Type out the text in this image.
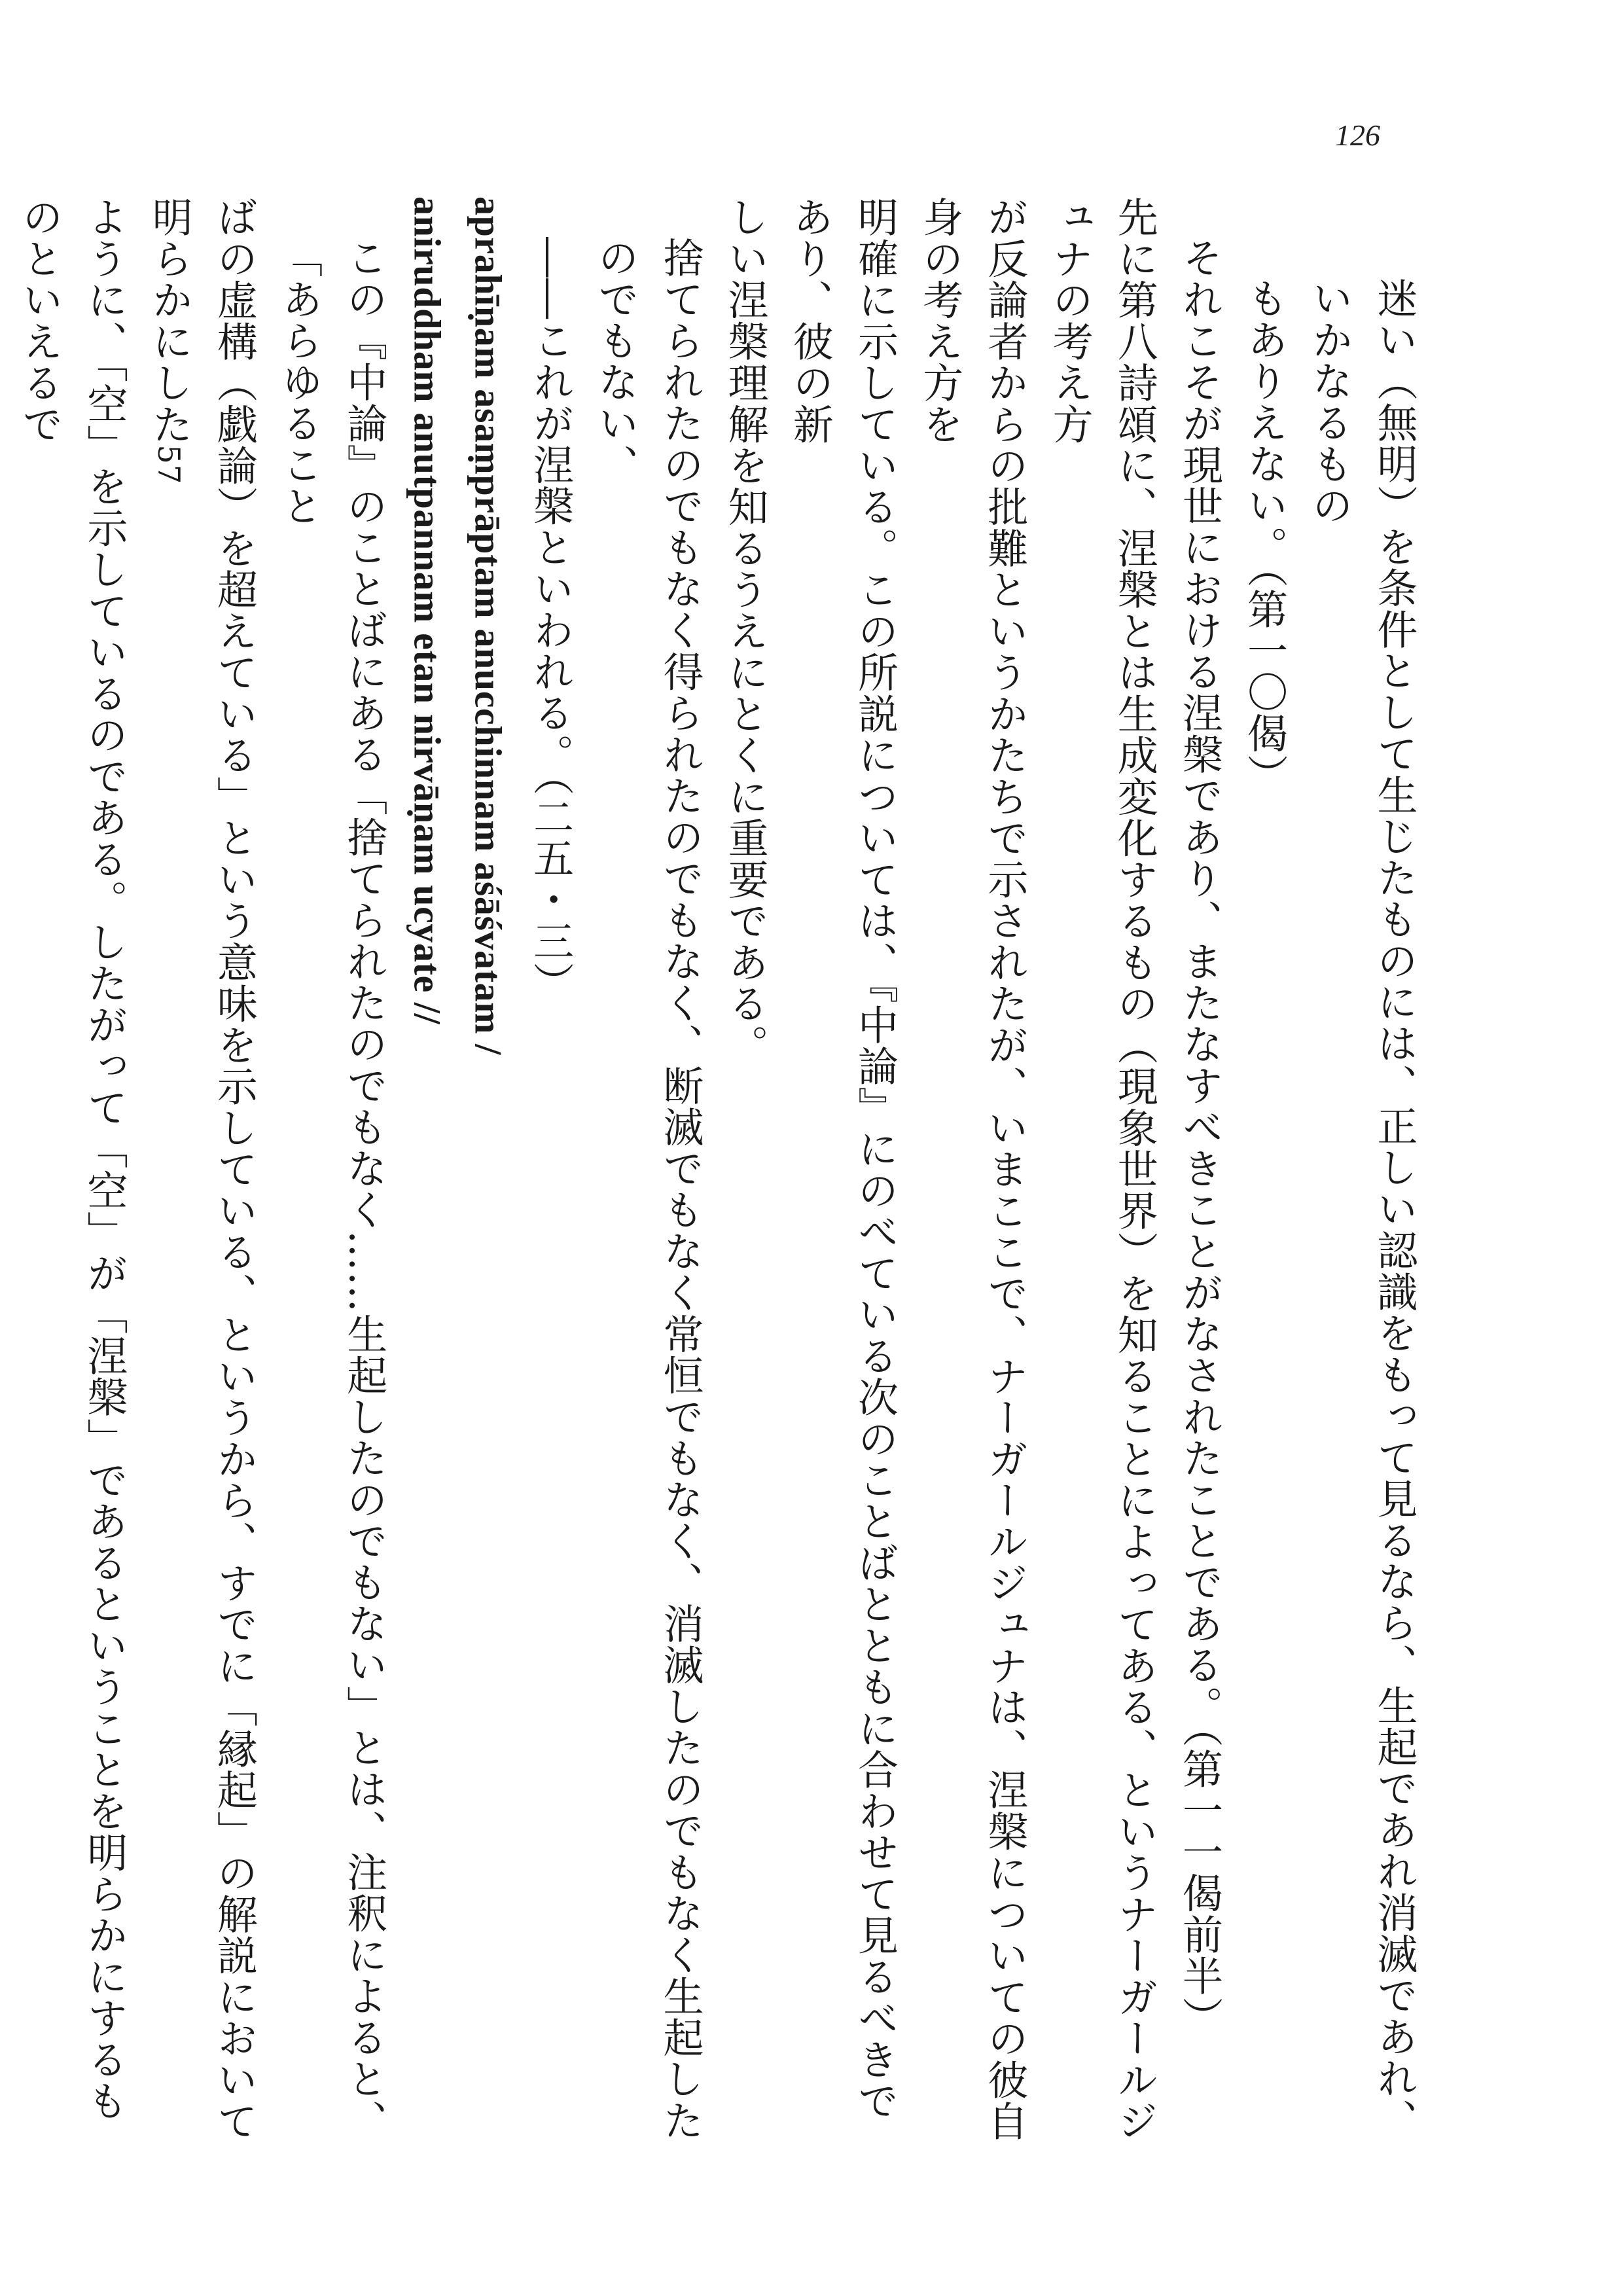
126
迷い（無明）を条件として生じたものには、正しい認識をもって見るなら、生起であれ消滅であれ、いかなるもの
もありえない。（第一〇偈）
それこそが現世における涅槃であり、またなすべきことがなされたことである。（第一一偈前半）
先に第八詩頌に、涅槃とは生成変化するもの（現象世界）を知ることによってある、というナーガールジュナの考え方
が反論者からの批難というかたちで示されたが、いまここで、ナーガールジュナは、涅槃についての彼自身の考え方を
明確に示している。この所説については、『中論』にのべている次のことばとともに合わせて見るべきであり、彼の新
しい涅槃理解を知るうえにとくに重要である。
捨てられたのでもなく得られたのでもなく、断滅でもなく常恒でもなく、消滅したのでもなく生起したのでもない、
――これが涅槃といわれる。（二五・三）
aprahīṇam asaṃprāptam anucchinnam aśāśvatam /
aniruddham anutpannam etan nirvāṇam ucyate //
この『中論』のことばにある「捨てられたのでもなく……生起したのでもない」とは、注釈によると、「あらゆること
ばの虚構（戯論）を超えている」という意味を示している、というから、すでに「縁起」の解説において明らかにした57
ように、「空」を示しているのである。したがって「空」が「涅槃」であるということを明らかにするものといえるで
